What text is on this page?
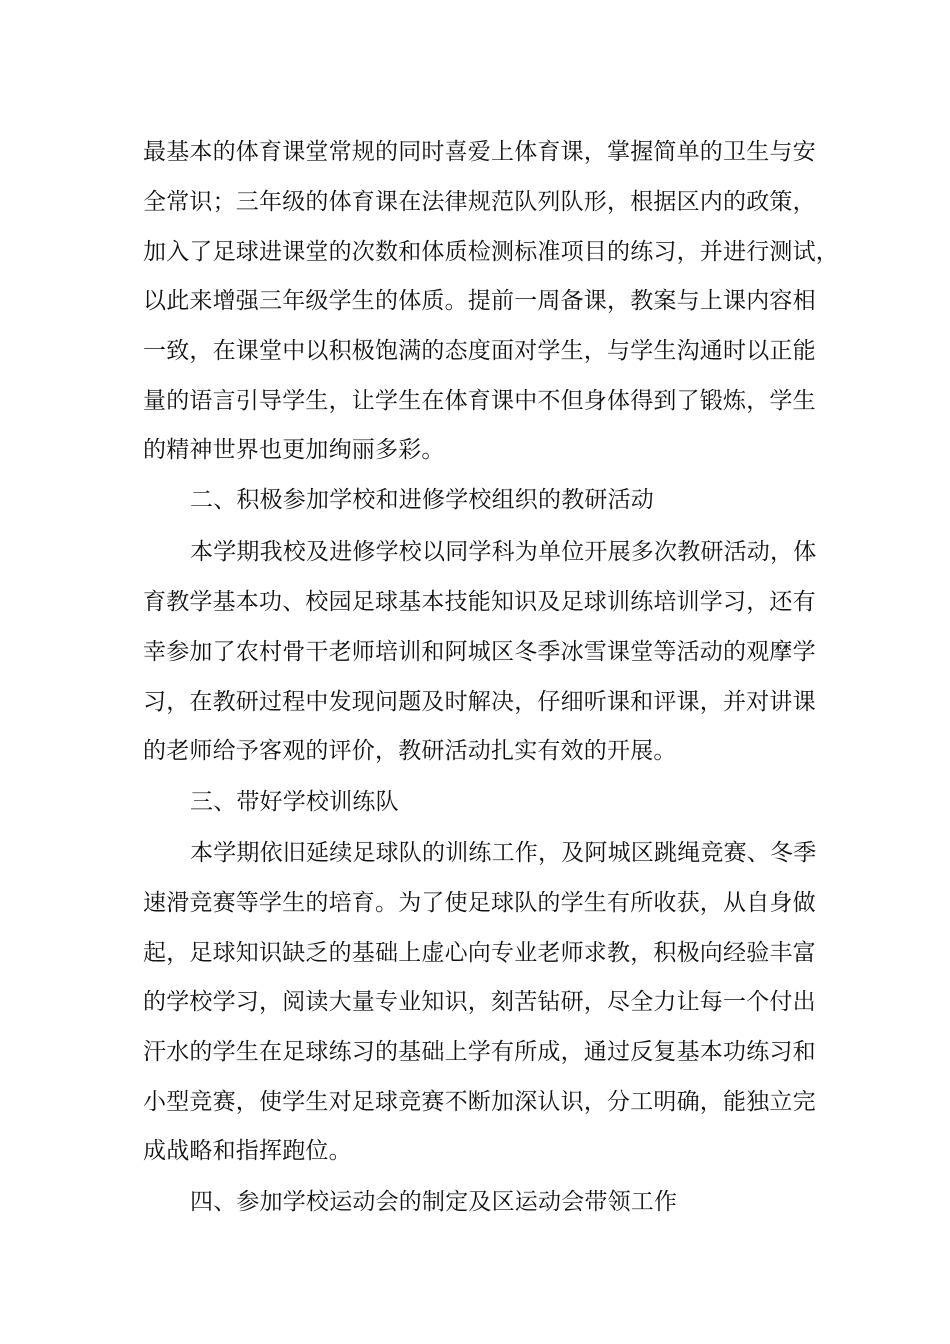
最基本的体育课堂常规的同时喜爱上体育课，掌握简单的卫生与安
全常识；三年级的体育课在法律规范队列队形，根据区内的政策，
加入了足球进课堂的次数和体质检测标准项目的练习，并进行测试，
以此来增强三年级学生的体质。提前一周备课，教案与上课内容相
一致，在课堂中以积极饱满的态度面对学生，与学生沟通时以正能
量的语言引导学生，让学生在体育课中不但身体得到了锻炼，学生
的精神世界也更加绚丽多彩。
二、积极参加学校和进修学校组织的教研活动
本学期我校及进修学校以同学科为单位开展多次教研活动，体
育教学基本功、校园足球基本技能知识及足球训练培训学习，还有
幸参加了农村骨干老师培训和阿城区冬季冰雪课堂等活动的观摩学
习，在教研过程中发现问题及时解决，仔细听课和评课，并对讲课
的老师给予客观的评价，教研活动扎实有效的开展。
三、带好学校训练队
本学期依旧延续足球队的训练工作，及阿城区跳绳竞赛、冬季
速滑竞赛等学生的培育。为了使足球队的学生有所收获，从自身做
起，足球知识缺乏的基础上虚心向专业老师求教，积极向经验丰富
的学校学习，阅读大量专业知识，刻苦钻研，尽全力让每一个付出
汗水的学生在足球练习的基础上学有所成，通过反复基本功练习和
小型竞赛，使学生对足球竞赛不断加深认识，分工明确，能独立完
成战略和指挥跑位。
四、参加学校运动会的制定及区运动会带领工作
